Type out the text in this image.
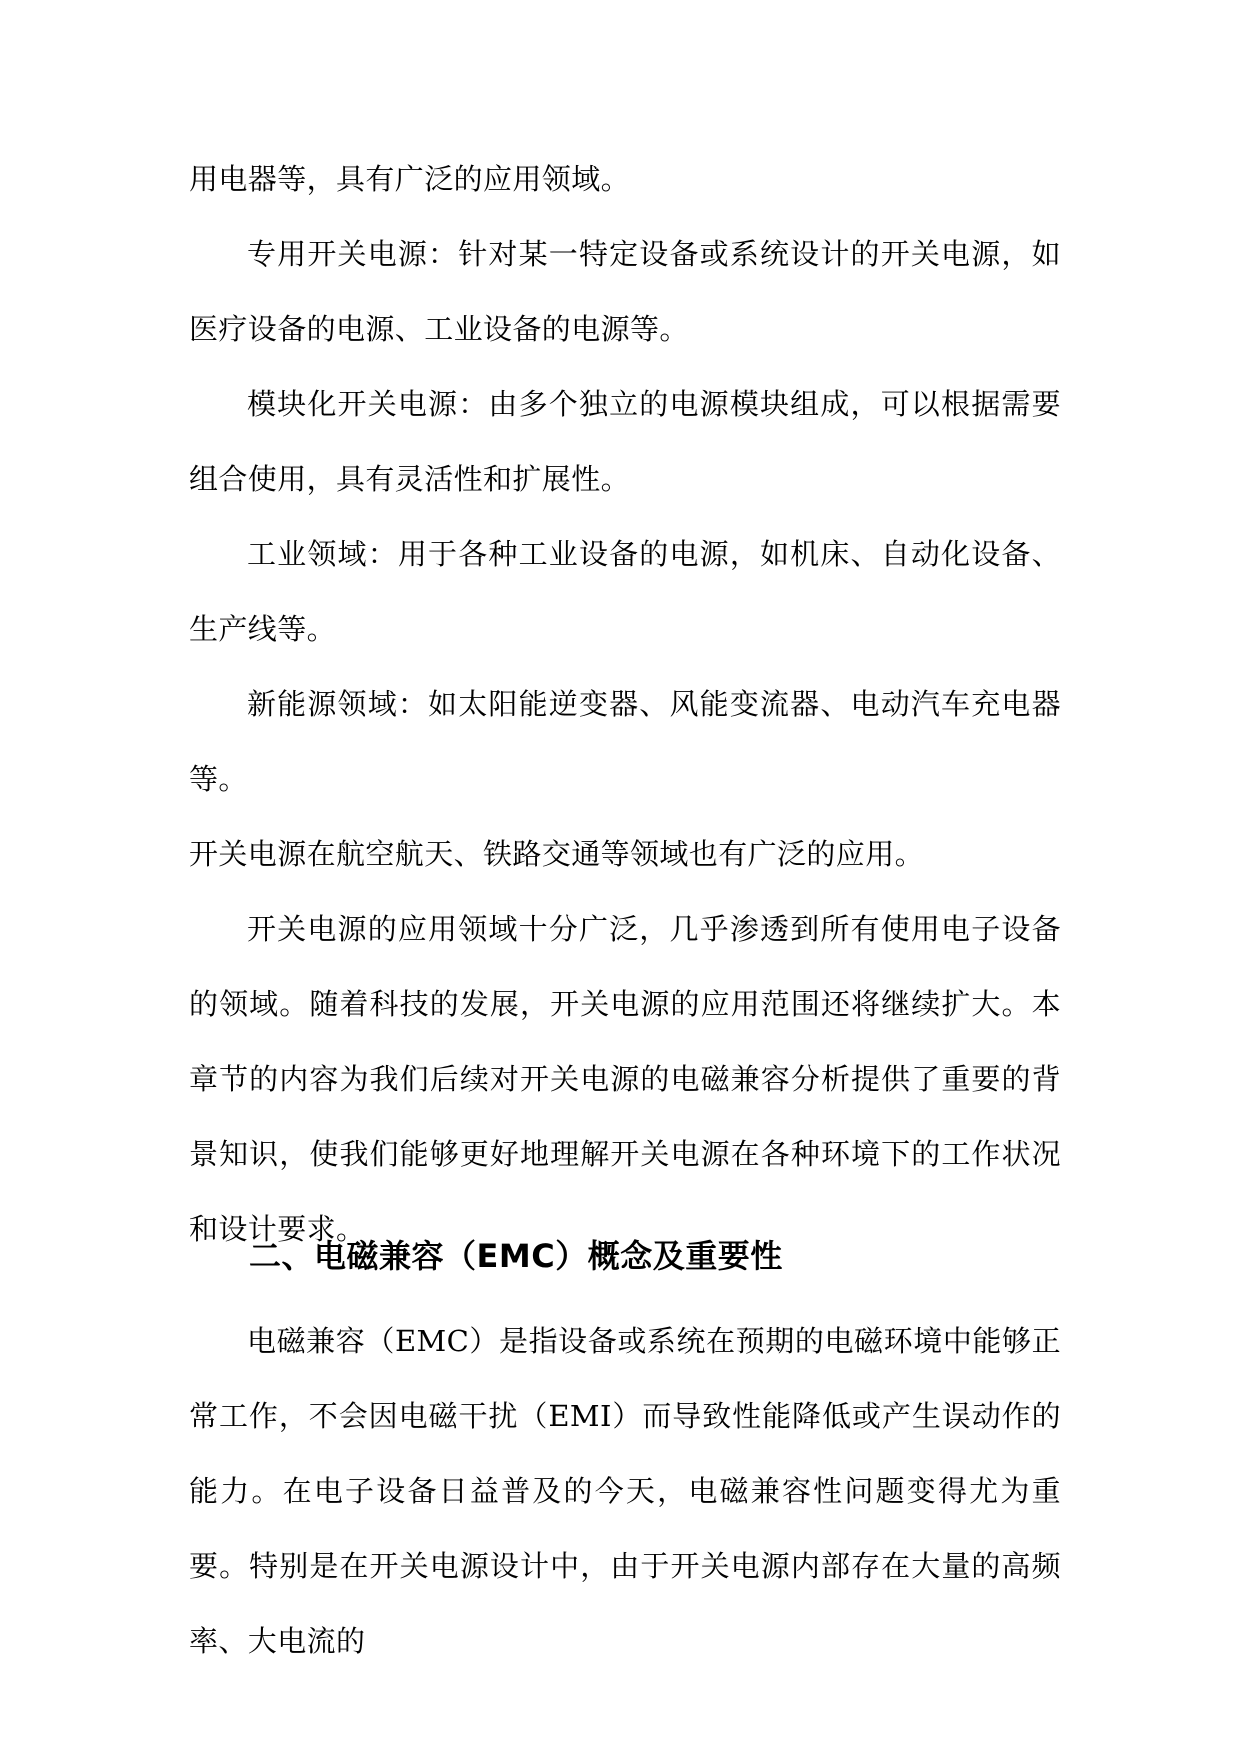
用电器等，具有广泛的应用领域。

专用开关电源：针对某一特定设备或系统设计的开关电源，如医疗设备的电源、工业设备的电源等。

模块化开关电源：由多个独立的电源模块组成，可以根据需要组合使用，具有灵活性和扩展性。

工业领域：用于各种工业设备的电源，如机床、自动化设备、生产线等。

新能源领域：如太阳能逆变器、风能变流器、电动汽车充电器等。

开关电源在航空航天、铁路交通等领域也有广泛的应用。

开关电源的应用领域十分广泛，几乎渗透到所有使用电子设备的领域。随着科技的发展，开关电源的应用范围还将继续扩大。本章节的内容为我们后续对开关电源的电磁兼容分析提供了重要的背景知识，使我们能够更好地理解开关电源在各种环境下的工作状况和设计要求。

二、电磁兼容（EMC）概念及重要性

电磁兼容（EMC）是指设备或系统在预期的电磁环境中能够正常工作，不会因电磁干扰（EMI）而导致性能降低或产生误动作的能力。在电子设备日益普及的今天，电磁兼容性问题变得尤为重要。特别是在开关电源设计中，由于开关电源内部存在大量的高频率、大电流的
